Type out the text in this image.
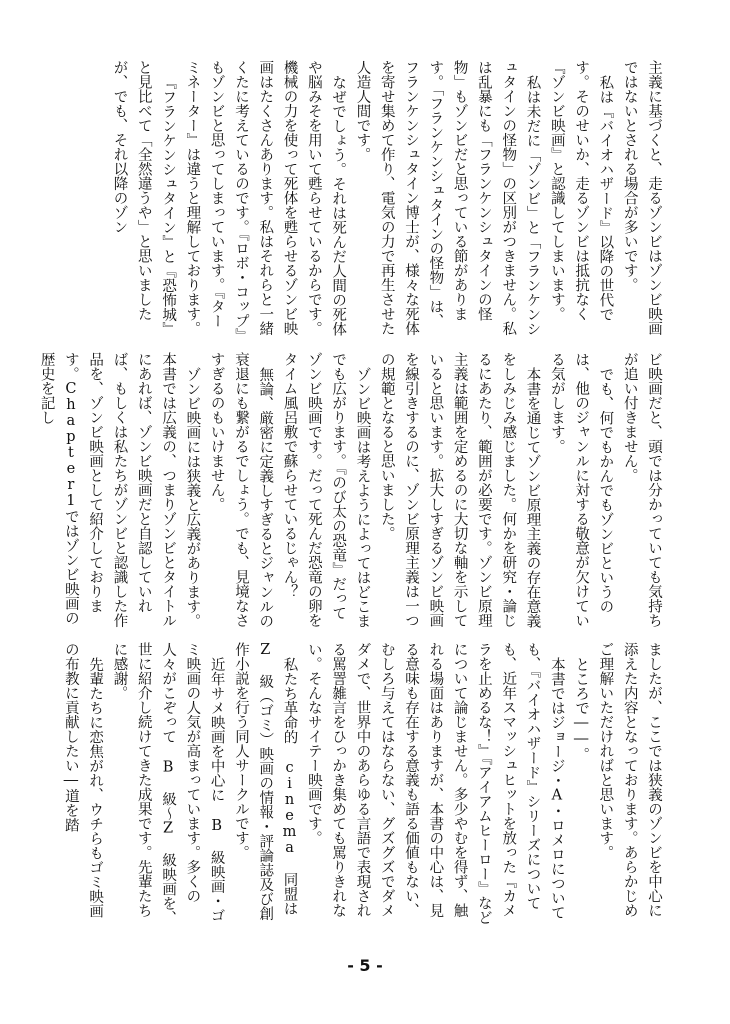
主義に基づくと、走るゾンビはゾンビ映画ではないとされる場合が多いです。

私は『バイオハザード』以降の世代です。そのせいか、走るゾンビは抵抗なく『ゾンビ映画』と認識してしまいます。

私は未だに「ゾンビ」と「フランケンシュタインの怪物」の区別がつきません。私は乱暴にも「フランケンシュタインの怪物」もゾンビだと思っている節があります。「フランケンシュタインの怪物」は、フランケンシュタイン博士が、様々な死体を寄せ集めて作り、電気の力で再生させた人造人間です。

なぜでしょう。それは死んだ人間の死体や脳みそを用いて甦らせているからです。機械の力を使って死体を甦らせるゾンビ映画はたくさんあります。私はそれらと一緒くたに考えているのです。『ロボ・コップ』もゾンビと思ってしまっています。『ターミネーター』は違うと理解しております。

『フランケンシュタイン』と『恐怖城』と見比べて「全然違うや」と思いましたが、でも、それ以降のゾン

ビ映画だと、頭では分かっていても気持ちが追い付きません。

でも、何でもかんでもゾンビというのは、他のジャンルに対する敬意が欠けている気がします。

本書を通じてゾンビ原理主義の存在意義をしみじみ感じました。何かを研究・論じるにあたり、範囲が必要です。ゾンビ原理主義は範囲を定めるのに大切な軸を示していると思います。拡大しすぎるゾンビ映画を線引きするのに、ゾンビ原理主義は一つの規範となると思いました。

ゾンビ映画は考えようによってはどこまでも広がります。『のび太の恐竜』だってゾンビ映画です。だって死んだ恐竜の卵をタイム風呂敷で蘇らせているじゃん？

無論、厳密に定義しすぎるとジャンルの衰退にも繋がるでしょう。でも、見境なさすぎるのもいけません。

ゾンビ映画には狭義と広義があります。本書では広義の、つまりゾンビとタイトルにあれば、ゾンビ映画だと自認していれば、もしくは私たちがゾンビと認識した作品を、ゾンビ映画として紹介しております。Chapter1ではゾンビ映画の歴史を記し

ましたが、ここでは狭義のゾンビを中心に添えた内容となっております。あらかじめご理解いただければと思います。

ところで――。

本書ではジョージ・A・ロメロについても、『バイオハザード』シリーズについても、近年スマッシュヒットを放った『カメラを止めるな！』『アイアムヒーロー』などについて論じません。多少やむを得ず、触れる場面はありますが、本書の中心は、見る意味も存在する意義も語る価値もない、むしろ与えてはならない、グズグズでダメダメで、世界中のあらゆる言語で表現される罵詈雑言をひっかき集めても罵りきれない。そんなサイテー映画です。

私たち革命的 cinema 同盟は Z 級（ゴミ）映画の情報・評論誌及び創作小説を行う同人サークルです。

近年サメ映画を中心に B 級映画・ゴミ映画の人気が高まっています。多くの人々がこぞって B 級～Z 級映画を、世に紹介し続けてきた成果です。先輩たちに感謝。

先輩たちに恋焦がれ、ウチらもゴミ映画の布教に貢献したい―道を踏

- 5 -
